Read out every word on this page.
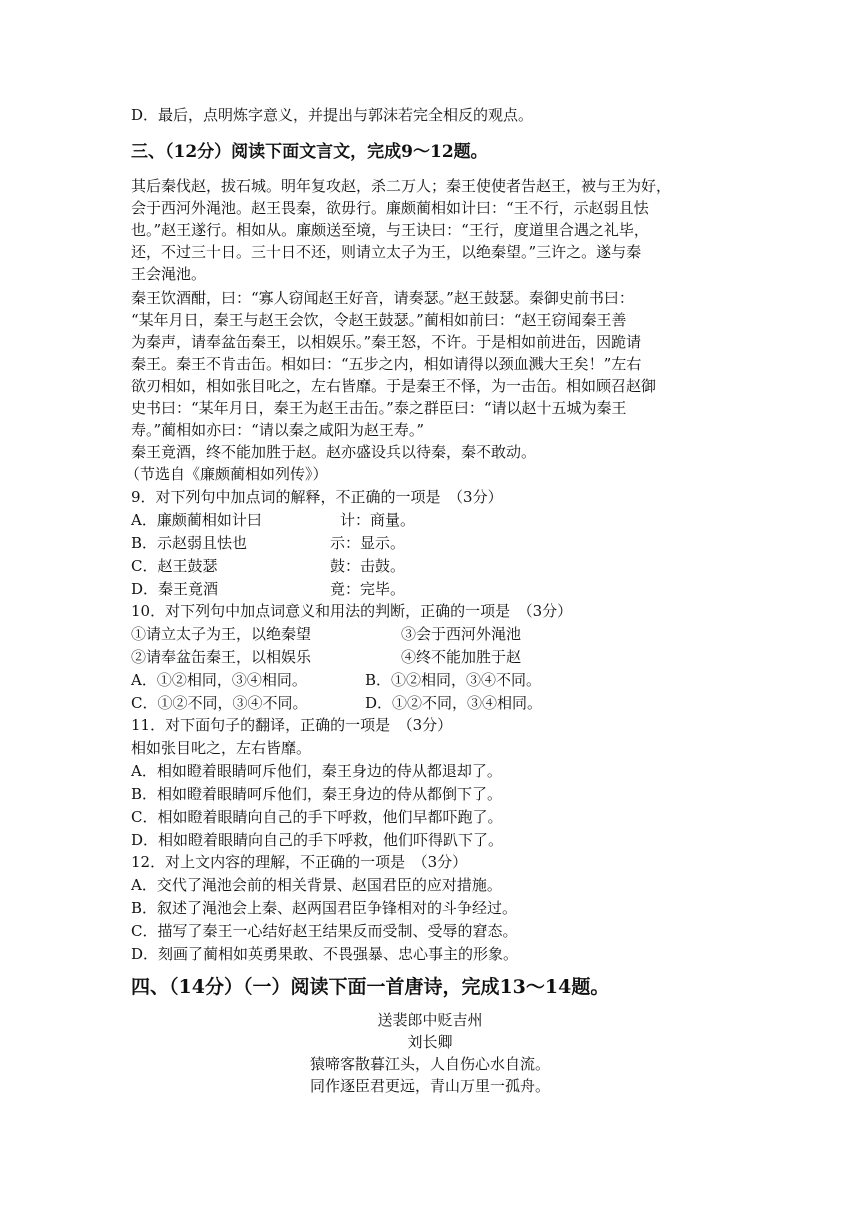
D．最后，点明炼字意义，并提出与郭沫若完全相反的观点。
三、（12分）阅读下面文言文，完成9～12题。
其后秦伐赵，拔石城。明年复攻赵，杀二万人；秦王使使者告赵王，被与王为好，
会于西河外渑池。赵王畏秦，欲毋行。廉颇蔺相如计曰：“王不行，示赵弱且怯
也。”赵王遂行。相如从。廉颇送至境，与王诀曰：“王行，度道里合遇之礼毕，
还，不过三十日。三十日不还，则请立太子为王，以绝秦望。”三许之。遂与秦
王会渑池。
秦王饮酒酣，曰：“寡人窃闻赵王好音，请奏瑟。”赵王鼓瑟。秦御史前书曰：
“某年月日，秦王与赵王会饮，令赵王鼓瑟。”蔺相如前曰：“赵王窃闻秦王善
为秦声，请奉盆缶秦王，以相娱乐。”秦王怒，不许。于是相如前进缶，因跪请
秦王。秦王不肯击缶。相如曰：“五步之内，相如请得以颈血溅大王矣！”左右
欲刃相如，相如张目叱之，左右皆靡。于是秦王不怿，为一击缶。相如顾召赵御
史书曰：“某年月日，秦王为赵王击缶。”泰之群臣曰：“请以赵十五城为秦王
寿。”蔺相如亦曰：“请以秦之咸阳为赵王寿。”
秦王竟酒，终不能加胜于赵。赵亦盛设兵以待秦，秦不敢动。
（节选自《廉颇蔺相如列传》）
9．对下列句中加点词的解释，不正确的一项是　（3分）
A．廉颇蔺相如计曰	计：商量。
B．示赵弱且怯也	示：显示。
C．赵王鼓瑟	鼓：击鼓。
D．秦王竟酒	竟：完毕。
10．对下列句中加点词意义和用法的判断，正确的一项是　（3分）
①请立太子为王，以绝秦望	③会于西河外渑池
②请奉盆缶秦王，以相娱乐	④终不能加胜于赵
A．①②相同，③④相同。	B．①②相同，③④不同。
C．①②不同，③④不同。	D．①②不同，③④相同。
11．对下面句子的翻译，正确的一项是　（3分）
相如张目叱之，左右皆靡。
A．相如瞪着眼睛呵斥他们，秦王身边的侍从都退却了。
B．相如瞪着眼睛呵斥他们，秦王身边的侍从都倒下了。
C．相如瞪着眼睛向自己的手下呼救，他们早都吓跑了。
D．相如瞪着眼睛向自己的手下呼救，他们吓得趴下了。
12．对上文内容的理解，不正确的一项是　（3分）
A．交代了渑池会前的相关背景、赵国君臣的应对措施。
B．叙述了渑池会上秦、赵两国君臣争锋相对的斗争经过。
C．描写了秦王一心结好赵王结果反而受制、受辱的窘态。
D．刻画了蔺相如英勇果敢、不畏强暴、忠心事主的形象。
四、（14分）（一）阅读下面一首唐诗，完成13～14题。
送裴郎中贬吉州
刘长卿
猿啼客散暮江头，人自伤心水自流。
同作逐臣君更远，青山万里一孤舟。
